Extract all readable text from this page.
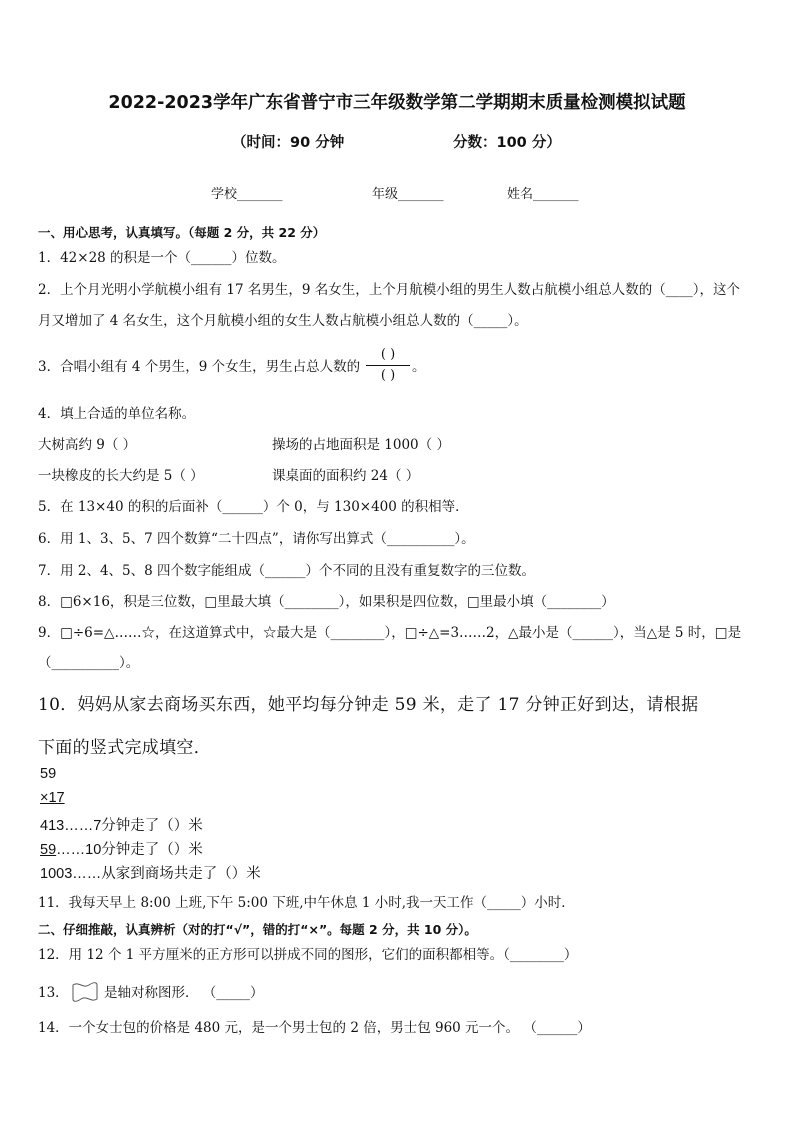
2022-2023学年广东省普宁市三年级数学第二学期期末质量检测模拟试题
（时间：90 分钟	分数：100 分）
学校_______	年级_______	姓名_______
一、用心思考，认真填写。（每题 2 分，共 22 分）
1．42×28 的积是一个（______）位数。
2．上个月光明小学航模小组有 17 名男生，9 名女生，上个月航模小组的男生人数占航模小组总人数的（____），这个
月又增加了 4 名女生，这个月航模小组的女生人数占航模小组总人数的（_____）。
3．合唱小组有 4 个男生，9 个女生，男生占总人数的
( )
( )
。
4．填上合适的单位名称。
大树高约 9（ ）	操场的占地面积是 1000（ ）
一块橡皮的长大约是 5（ ）	课桌面的面积约 24（ ）
5．在 13×40 的积的后面补（______）个 0，与 130×400 的积相等．
6．用 1、3、5、7 四个数算“二十四点”，请你写出算式（__________）。
7．用 2、4、5、8 四个数字能组成（______）个不同的且没有重复数字的三位数。
8．□6×16，积是三位数，□里最大填（________），如果积是四位数，□里最小填（________）
9．□÷6=△……☆，在这道算式中，☆最大是（________），□÷△=3……2，△最小是（______），当△是 5 时，□是
（__________）。
10．妈妈从家去商场买东西，她平均每分钟走 59 米，走了 17 分钟正好到达，请根据
下面的竖式完成填空．
59
×17
413……7分钟走了（）米
59……10分钟走了（）米
1003……从家到商场共走了（）米
11．我每天早上 8:00 上班,下午 5:00 下班,中午休息 1 小时,我一天工作（_____）小时．
二、仔细推敲，认真辨析（对的打“√”，错的打“×”。每题 2 分，共 10 分）。
12．用 12 个 1 平方厘米的正方形可以拼成不同的图形，它们的面积都相等。（________）
13．	是轴对称图形． （_____）
14．一个女士包的价格是 480 元，是一个男士包的 2 倍，男士包 960 元一个。 （______）
